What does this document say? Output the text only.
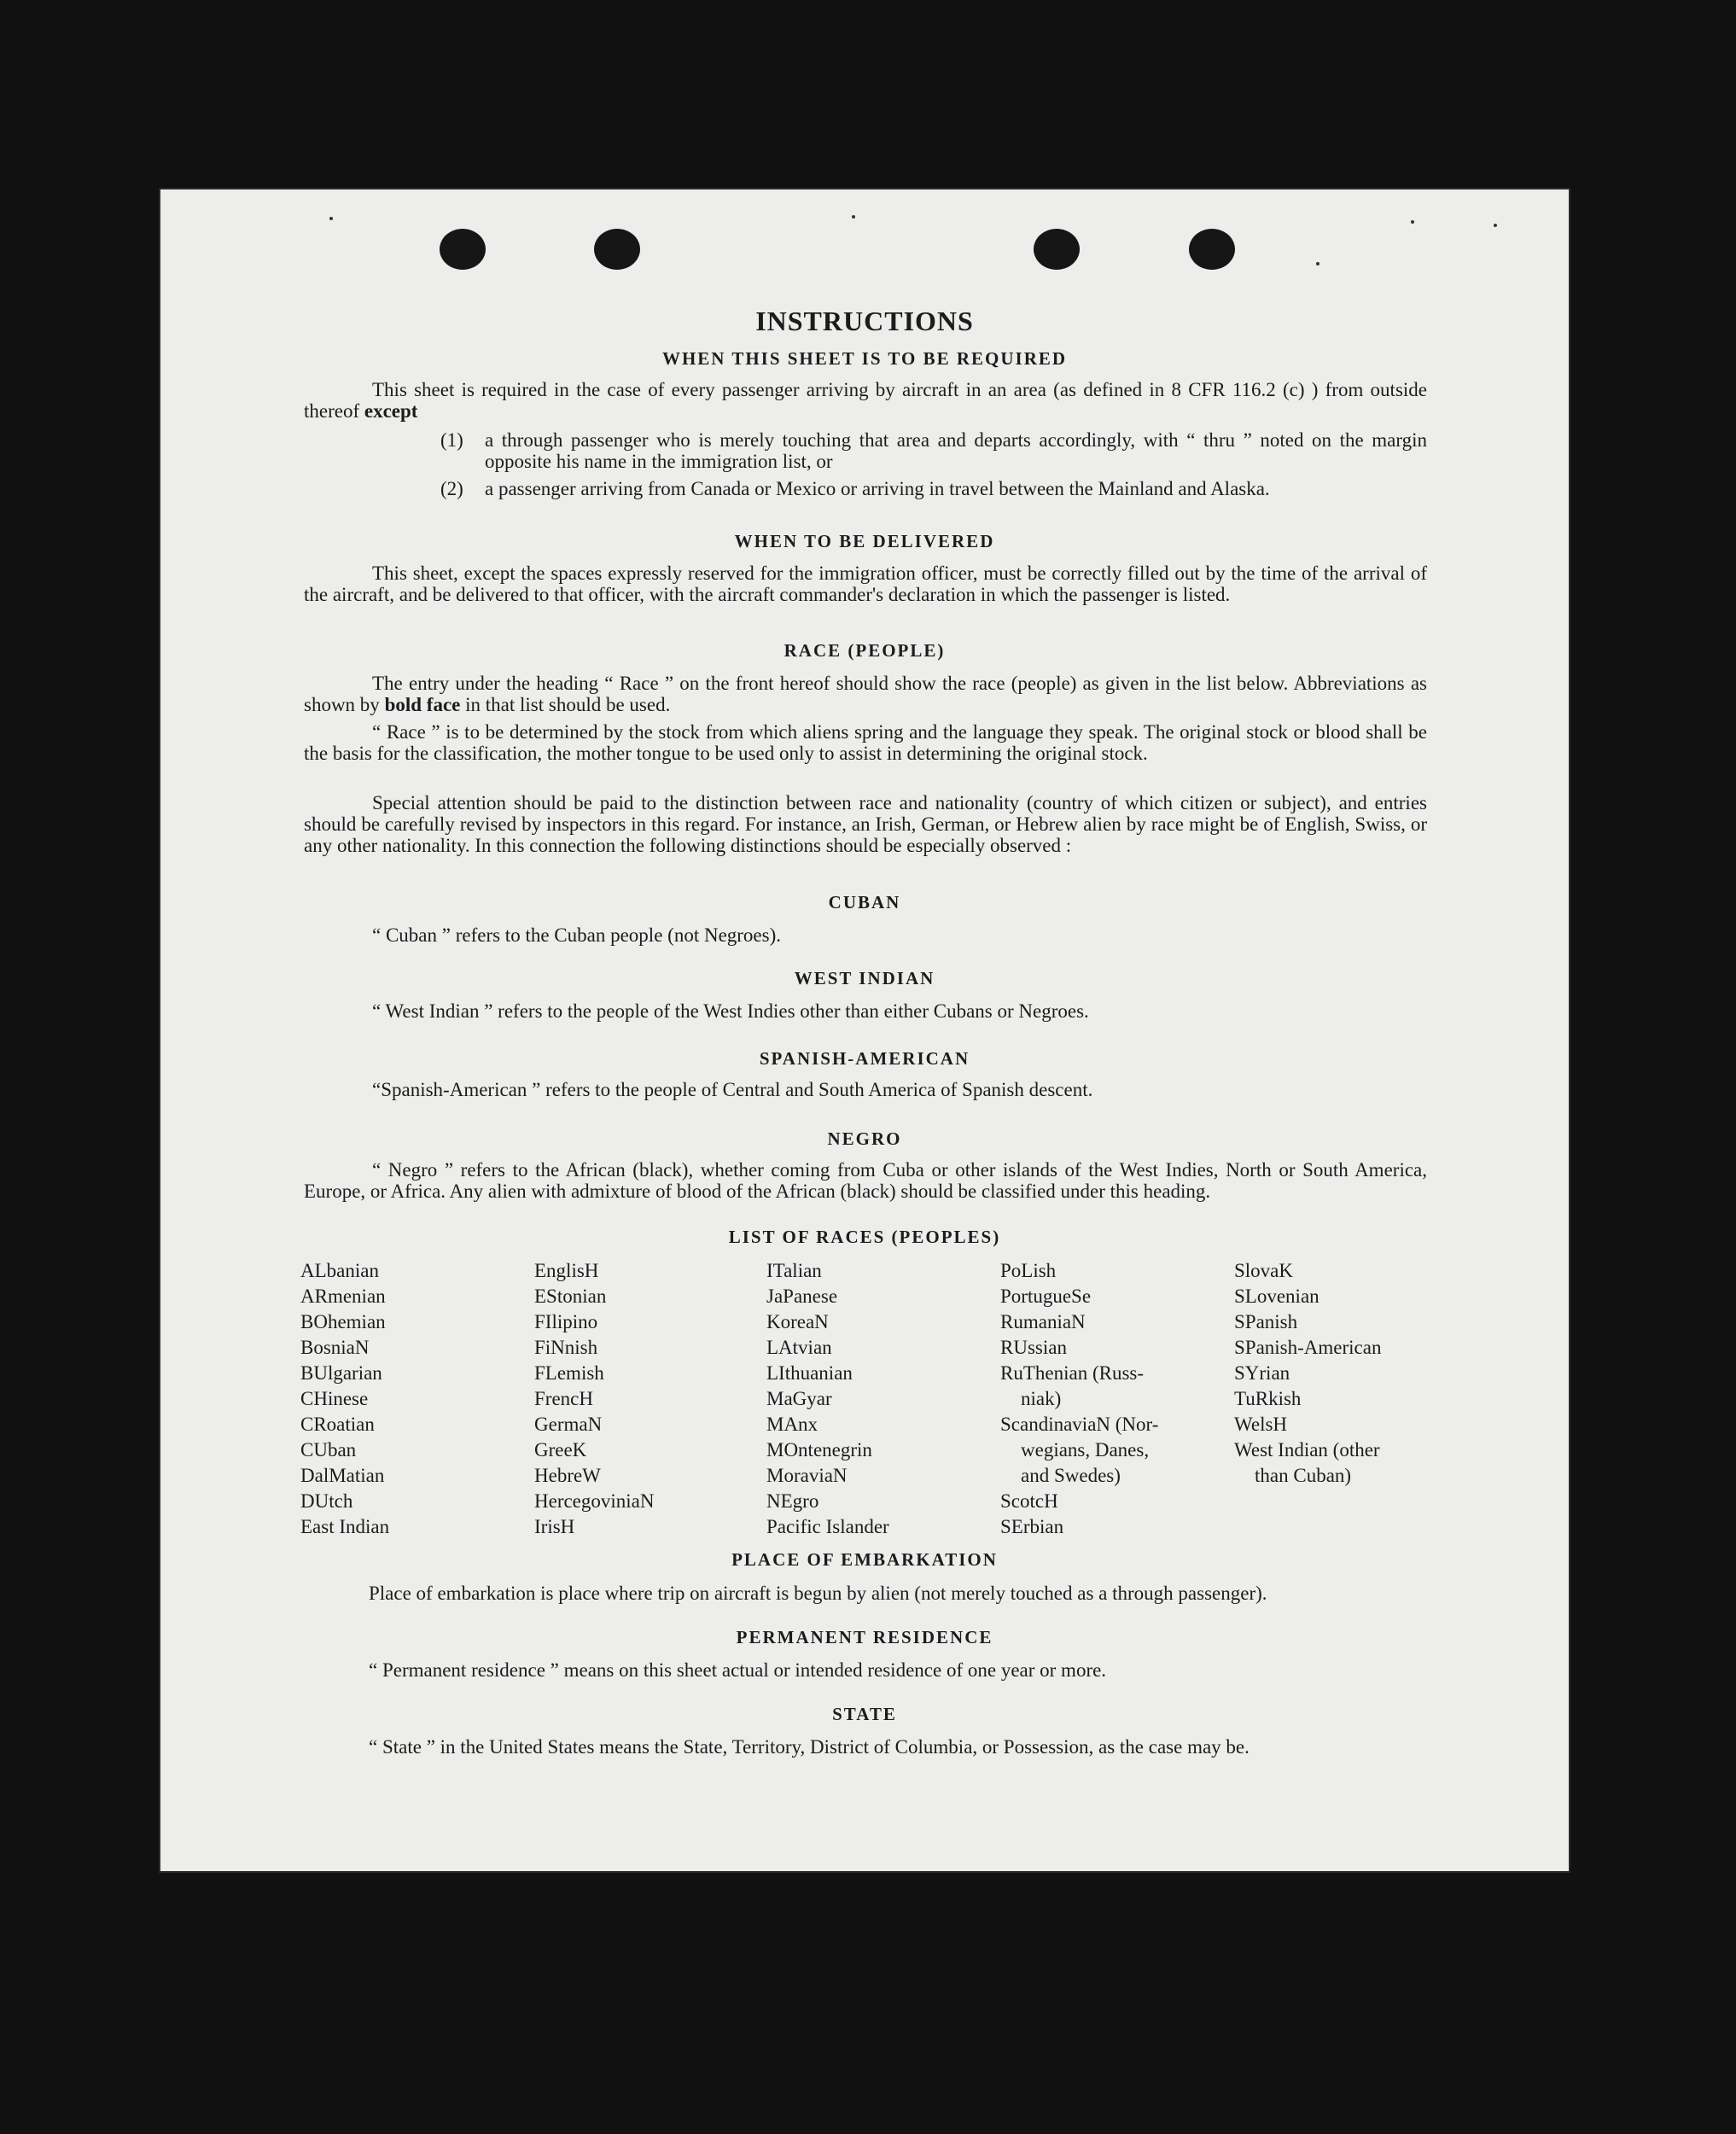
INSTRUCTIONS
WHEN THIS SHEET IS TO BE REQUIRED
This sheet is required in the case of every passenger arriving by aircraft in an area (as defined in 8 CFR 116.2 (c) ) from outside thereof except
(1) a through passenger who is merely touching that area and departs accordingly, with “ thru ” noted on the margin opposite his name in the immigration list, or
(2) a passenger arriving from Canada or Mexico or arriving in travel between the Mainland and Alaska.
WHEN TO BE DELIVERED
This sheet, except the spaces expressly reserved for the immigration officer, must be correctly filled out by the time of the arrival of the aircraft, and be delivered to that officer, with the aircraft commander's declaration in which the passenger is listed.
RACE (PEOPLE)
The entry under the heading “ Race ” on the front hereof should show the race (people) as given in the list below. Abbreviations as shown by bold face in that list should be used.
“ Race ” is to be determined by the stock from which aliens spring and the language they speak. The original stock or blood shall be the basis for the classification, the mother tongue to be used only to assist in determining the original stock.
Special attention should be paid to the distinction between race and nationality (country of which citizen or subject), and entries should be carefully revised by inspectors in this regard. For instance, an Irish, German, or Hebrew alien by race might be of English, Swiss, or any other nationality. In this connection the following distinctions should be especially observed :
CUBAN
“ Cuban ” refers to the Cuban people (not Negroes).
WEST INDIAN
“ West Indian ” refers to the people of the West Indies other than either Cubans or Negroes.
SPANISH-AMERICAN
“Spanish-American ” refers to the people of Central and South America of Spanish descent.
NEGRO
“ Negro ” refers to the African (black), whether coming from Cuba or other islands of the West Indies, North or South America, Europe, or Africa. Any alien with admixture of blood of the African (black) should be classified under this heading.
LIST OF RACES (PEOPLES)
ALbanian
ARmenian
BOhemian
BosniaN
BUlgarian
CHinese
CRoatian
CUban
DalMatian
DUtch
East Indian
EnglisH
EStonian
FIlipino
FiNnish
FLemish
FrencH
GermaN
GreeK
HebreW
HercegoviniaN
IrisH
ITalian
JaPanese
KoreaN
LAtvian
LIthuanian
MaGyar
MAnx
MOntenegrin
MoraviaN
NEgro
Pacific Islander
PoLish
PortugueSe
RumaniaN
RUssian
RuThenian (Russ-
niak)
ScandinaviaN (Nor-
wegians, Danes,
and Swedes)
ScotcH
SErbian
SlovaK
SLovenian
SPanish
SPanish-American
SYrian
TuRkish
WelsH
West Indian (other
than Cuban)
PLACE OF EMBARKATION
Place of embarkation is place where trip on aircraft is begun by alien (not merely touched as a through passenger).
PERMANENT RESIDENCE
“ Permanent residence ” means on this sheet actual or intended residence of one year or more.
STATE
“ State ” in the United States means the State, Territory, District of Columbia, or Possession, as the case may be.
